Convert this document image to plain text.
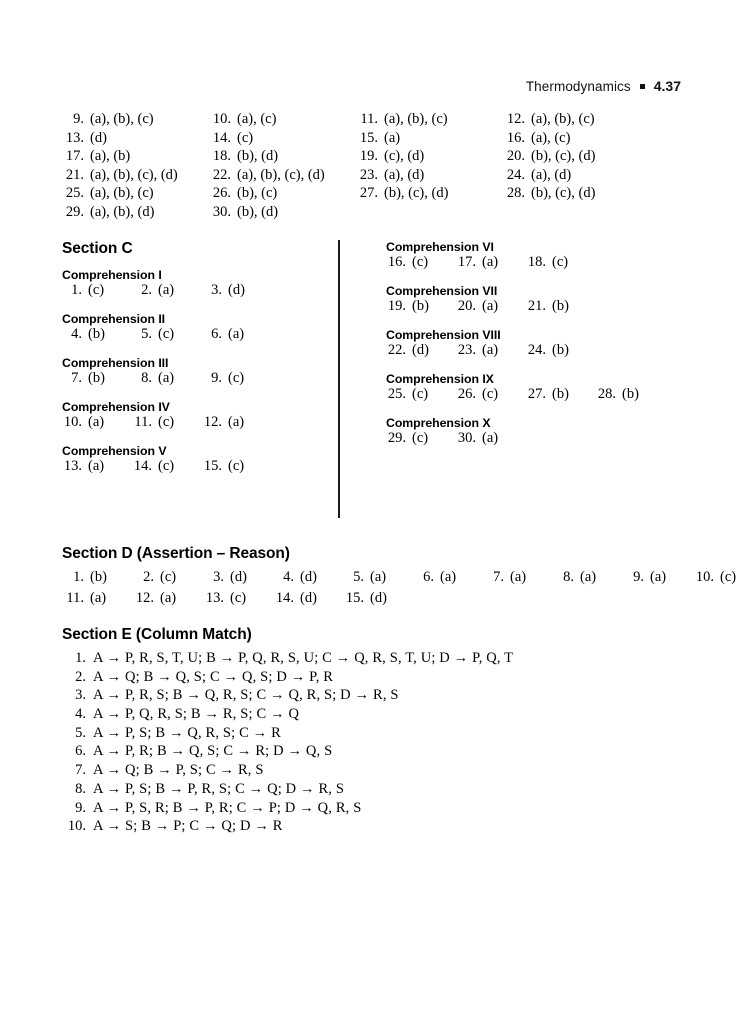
Thermodynamics 4.37
9. (a), (b), (c)	10. (a), (c)	11. (a), (b), (c)	12. (a), (b), (c)
13. (d)	14. (c)	15. (a)	16. (a), (c)
17. (a), (b)	18. (b), (d)	19. (c), (d)	20. (b), (c), (d)
21. (a), (b), (c), (d) 22. (a), (b), (c), (d) 23. (a), (d)	24. (a), (d)
25. (a), (b), (c)	26. (b), (c)	27. (b), (c), (d)	28. (b), (c), (d)
29. (a), (b), (d)	30. (b), (d)
Section C
Comprehension I
1. (c)	2. (a)	3. (d)
Comprehension II
4. (b)	5. (c)	6. (a)
Comprehension III
7. (b)	8. (a)	9. (c)
Comprehension IV
10. (a) 11. (c) 12. (a)
Comprehension V
13. (a) 14. (c) 15. (c)
Comprehension VI
16. (c) 17. (a) 18. (c)
Comprehension VII
19. (b) 20. (a) 21. (b)
Comprehension VIII
22. (d) 23. (a) 24. (b)
Comprehension IX
25. (c) 26. (c) 27. (b) 28. (b)
Comprehension X
29. (c) 30. (a)
Section D (Assertion – Reason)
1. (b)	2. (c)	3. (d)	4. (d)	5. (a)	6. (a)	7. (a)	8. (a)	9. (a) 10. (c)
11. (a) 12. (a) 13. (c) 14. (d) 15. (d)
Section E (Column Match)
1. A → P, R, S, T, U; B → P, Q, R, S, U; C → Q, R, S, T, U; D → P, Q, T
2. A → Q; B → Q, S; C → Q, S; D → P, R
3. A → P, R, S; B → Q, R, S; C → Q, R, S; D → R, S
4. A → P, Q, R, S; B → R, S; C → Q
5. A → P, S; B → Q, R, S; C → R
6. A → P, R; B → Q, S; C → R; D → Q, S
7. A → Q; B → P, S; C → R, S
8. A → P, S; B → P, R, S; C → Q; D → R, S
9. A → P, S, R; B → P, R; C → P; D → Q, R, S
10. A → S; B → P; C → Q; D → R
